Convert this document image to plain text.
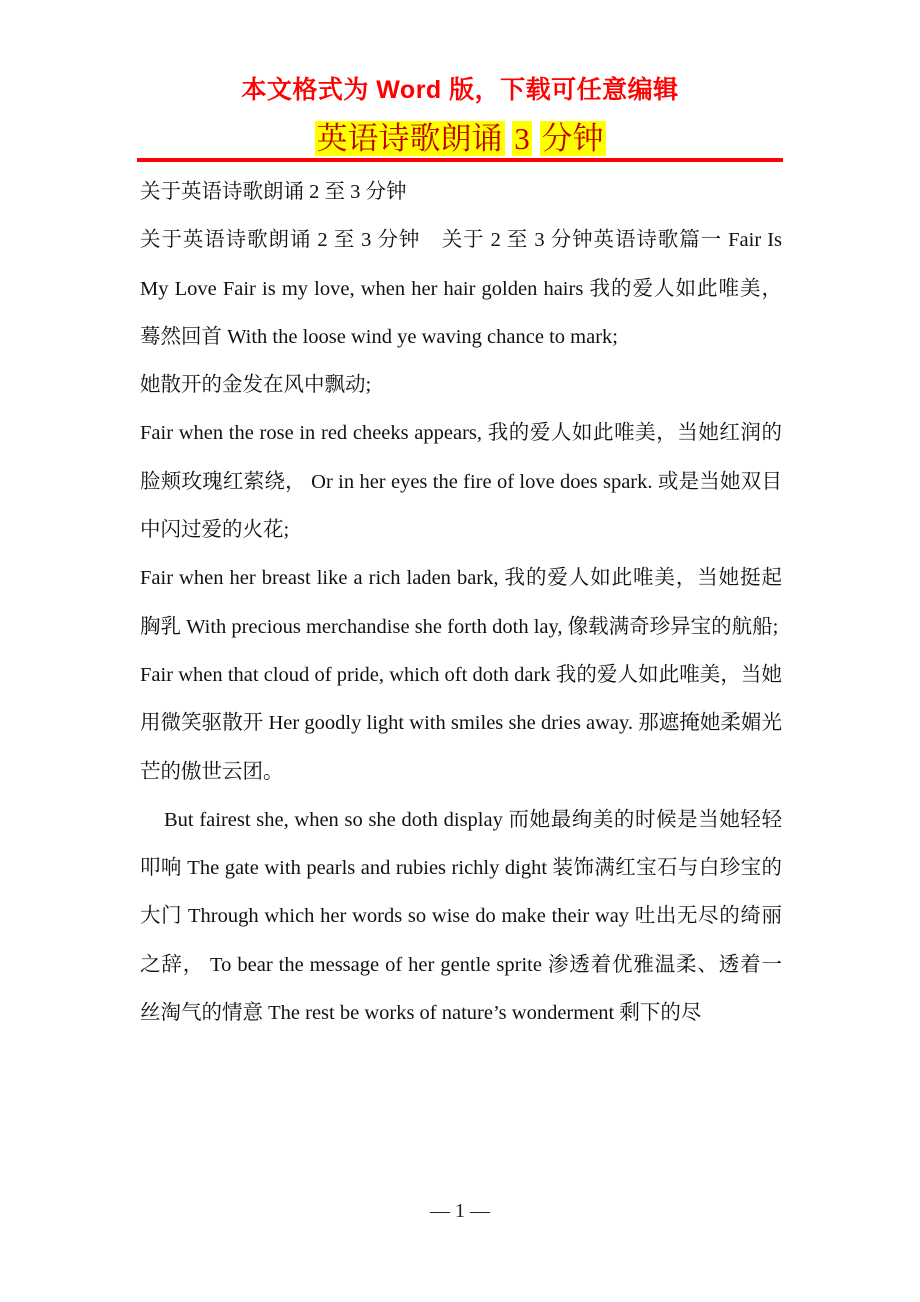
本文格式为 Word 版，下载可任意编辑
英语诗歌朗诵 3 分钟

关于英语诗歌朗诵 2 至 3 分钟

关于英语诗歌朗诵 2 至 3 分钟　关于 2 至 3 分钟英语诗歌篇一 Fair Is My Love Fair is my love, when her hair golden hairs 我的爱人如此唯美，蓦然回首 With the loose wind ye waving chance to mark;

她散开的金发在风中飘动;

Fair when the rose in red cheeks appears, 我的爱人如此唯美，当她红润的脸颊玫瑰红萦绕， Or in her eyes the fire of love does spark. 或是当她双目中闪过爱的火花;

Fair when her breast like a rich laden bark, 我的爱人如此唯美，当她挺起胸乳 With precious merchandise she forth doth lay, 像载满奇珍异宝的航船;

Fair when that cloud of pride, which oft doth dark 我的爱人如此唯美，当她用微笑驱散开 Her goodly light with smiles she dries away. 那遮掩她柔媚光芒的傲世云团。

But fairest she, when so she doth display 而她最绚美的时候是当她轻轻叩响 The gate with pearls and rubies richly dight 装饰满红宝石与白珍宝的大门 Through which her words so wise do make their way 吐出无尽的绮丽之辞， To bear the message of her gentle sprite 渗透着优雅温柔、透着一丝淘气的情意 The rest be works of nature’s wonderment 剩下的尽

— 1 —
